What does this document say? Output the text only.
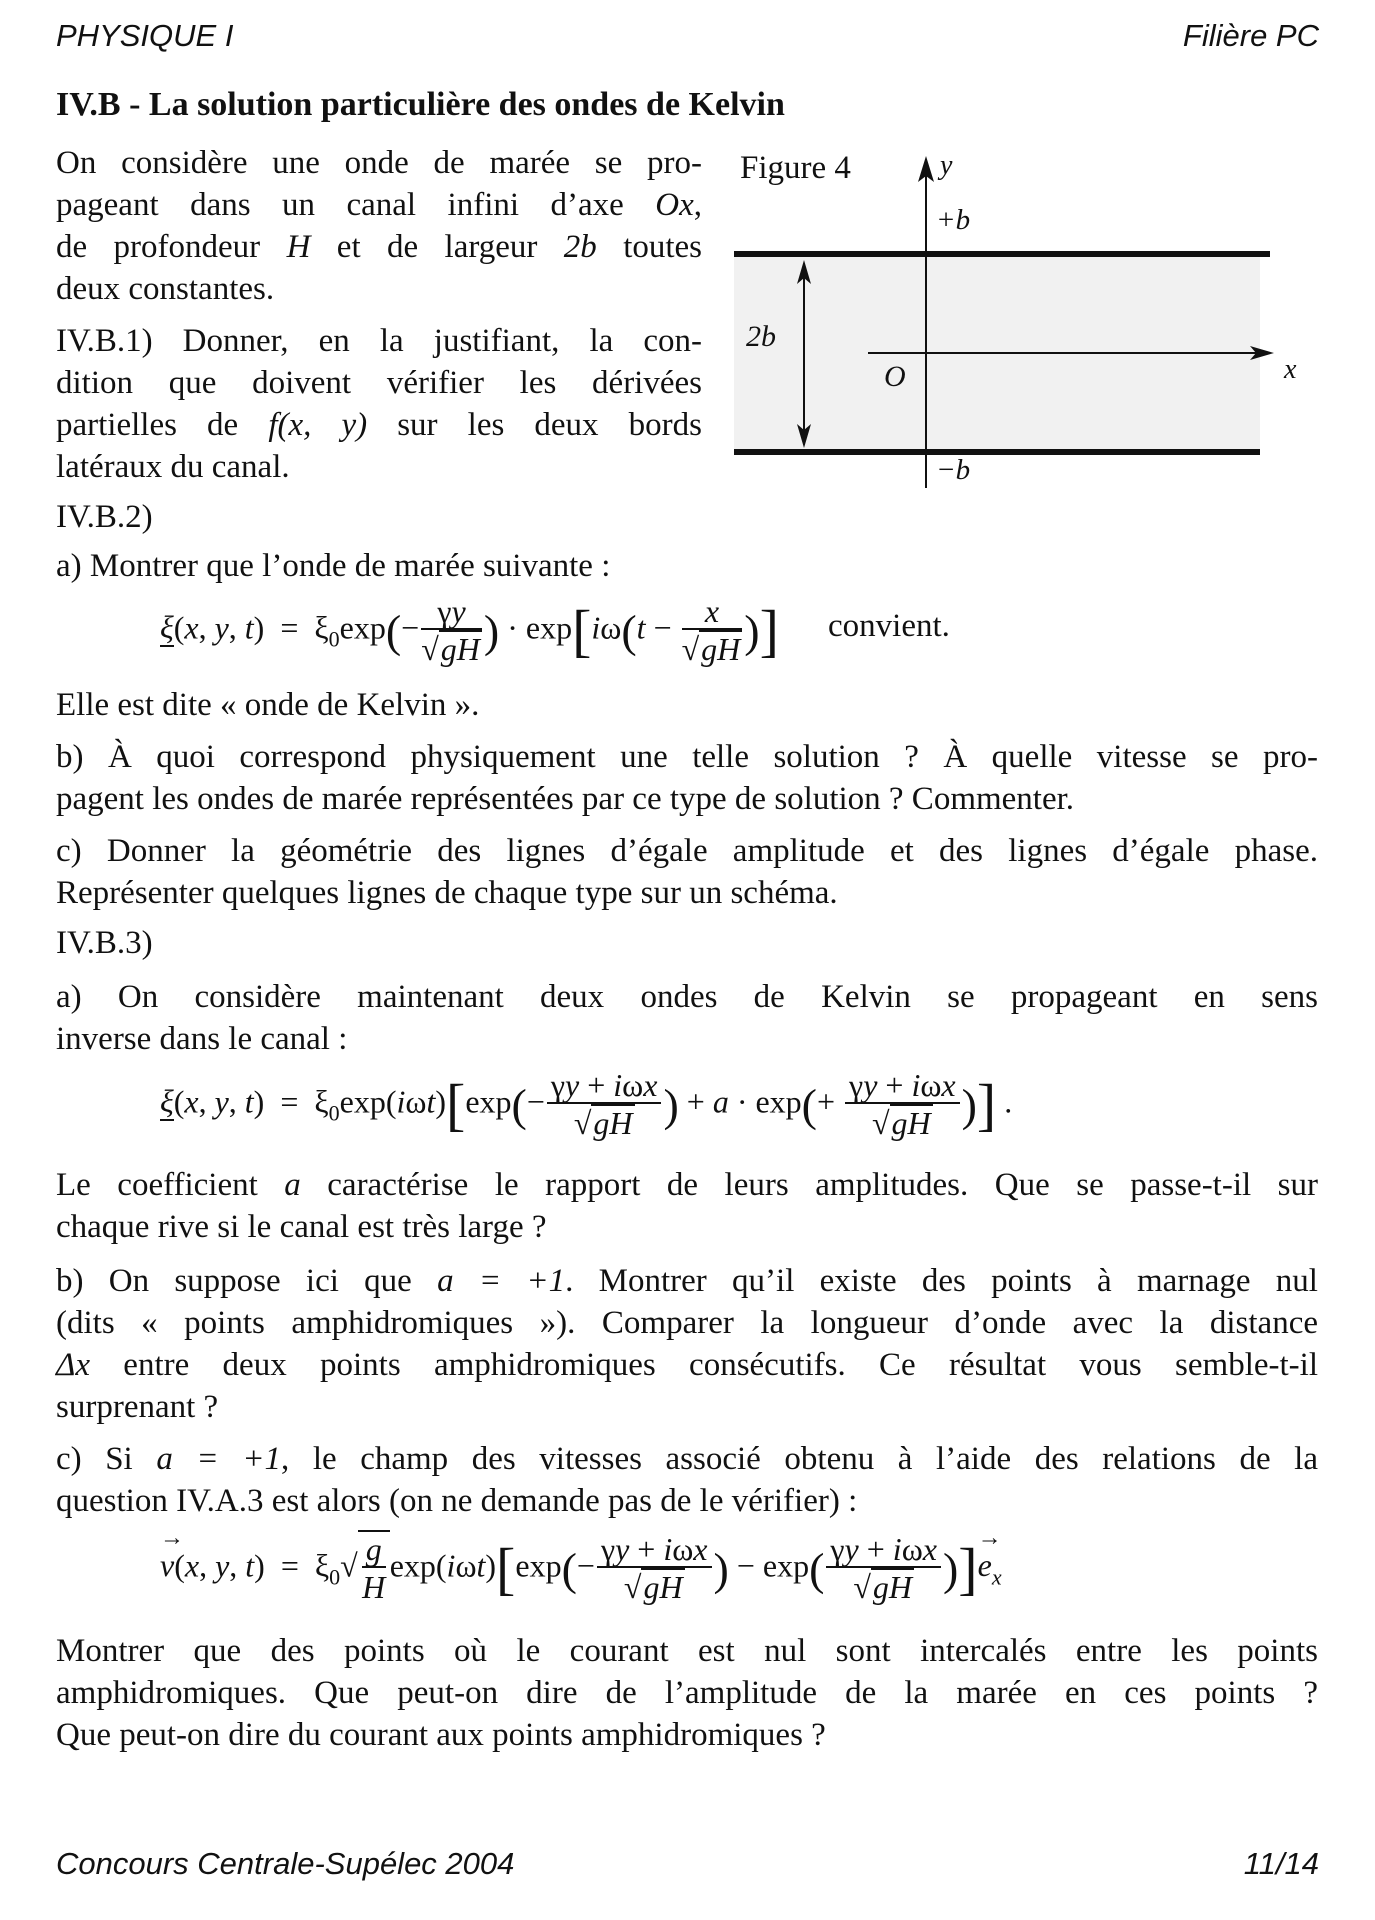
PHYSIQUE I	Filière PC
IV.B - La solution particulière des ondes de Kelvin
On considère une onde de marée se pro-
pageant dans un canal infini d’axe Ox,
de profondeur H et de largeur 2b toutes
deux constantes.
IV.B.1) Donner, en la justifiant, la con-
dition que doivent vérifier les dérivées
partielles de f(x, y) sur les deux bords
latéraux du canal.
Figure 4	y
+b
2b
O	x
−b
IV.B.2)
a) Montrer que l’onde de marée suivante :
ξ(x, y, $t) = \xi_0\exp(- \frac{\gamma y}{√gH}$ ) · $\exp[i\omega(t - \frac{x}{√gH}$ )] convient.
Elle est dite « onde de Kelvin ».
b) À quoi correspond physiquement une telle solution ? À quelle vitesse se pro-
pagent les ondes de marée représentées par ce type de solution ? Commenter.
c) Donner la géométrie des lignes d’égale amplitude et des lignes d’égale phase.
Représenter quelques lignes de chaque type sur un schéma.
IV.B.3)
a) On considère maintenant deux ondes de Kelvin se propageant en sens
inverse dans le canal :
ξ(x, y, $t) = \xi_0\exp(i\omega t)[\exp(- \frac{\text{γy + iωx}}{√gH}$ ) + $a \cdot \exp(+ \frac{\text{γy + iωx}}{√gH}$ )] .
Le coefficient a caractérise le rapport de leurs amplitudes. Que se passe-t-il sur
chaque rive si le canal est très large ?
b) On suppose ici que a = +1. Montrer qu’il existe des points à marnage nul
(dits « points amphidromiques »). Comparer la longueur d’onde avec la distance
Δx entre deux points amphidromiques consécutifs. Ce résultat vous semble-t-il
surprenant ?
c) Si a = +1, le champ des vitesses associé obtenu à l’aide des relations de la
question IV.A.3 est alors (on ne demande pas de le vérifier) :
→ v(x, y, $t) = \xi_0√ \frac{g}{H} \exp(i\omega t)[\exp(- \frac{\text{γy + iωx}}{√gH}$ ) − $\exp( \frac{\text{γy + iωx}}{√gH}$ )]→ $e_x$
Montrer que des points où le courant est nul sont intercalés entre les points
amphidromiques. Que peut-on dire de l’amplitude de la marée en ces points ?
Que peut-on dire du courant aux points amphidromiques ?
Concours Centrale-Supélec 2004	11/14
